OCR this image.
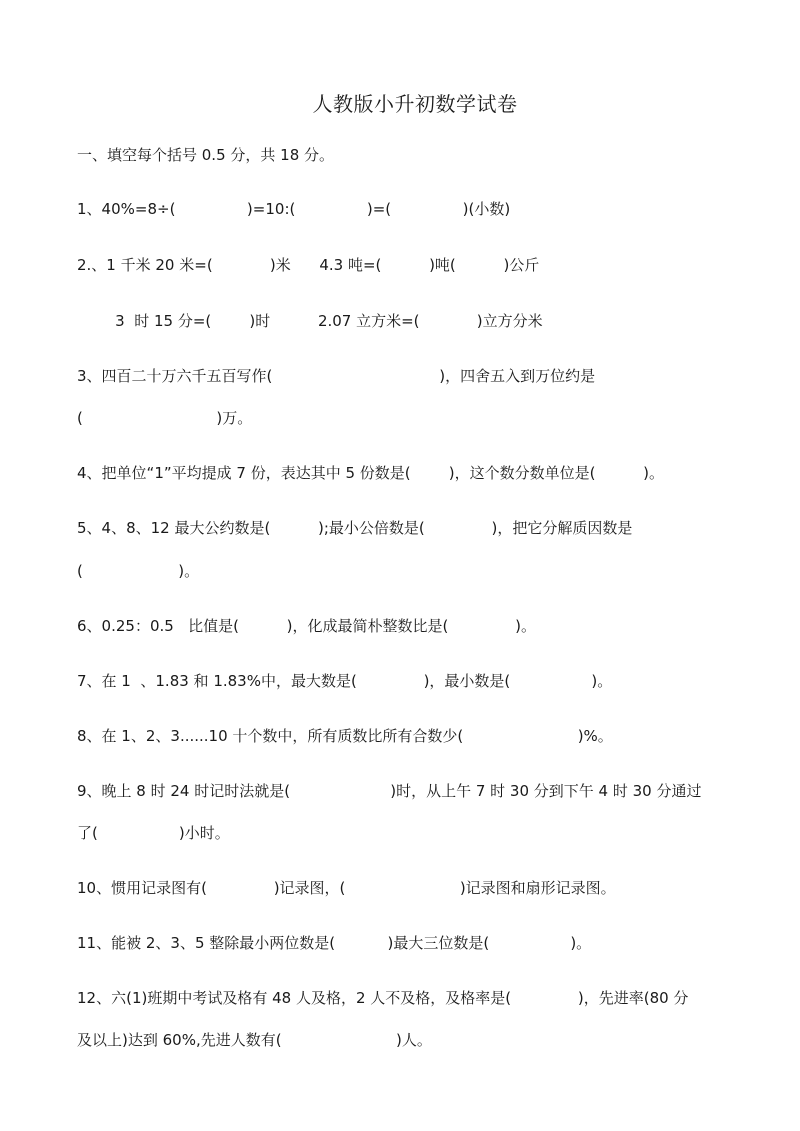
人教版小升初数学试卷
一、填空每个括号 0.5 分，共 18 分。
1、40%=8÷(               )=10:(               )=(               )(小数)
2.、1 千米 20 米=(            )米      4.3 吨=(          )吨(          )公斤
3  时 15 分=(        )时          2.07 立方米=(            )立方分米
3、四百二十万六千五百写作(                                   )，四舍五入到万位约是
(                            )万。
4、把单位“1”平均提成 7 份，表达其中 5 份数是(        )，这个数分数单位是(          )。
5、4、8、12 最大公约数是(          );最小公倍数是(              )，把它分解质因数是
(                    )。
6、0.25：0.5   比值是(          )，化成最简朴整数比是(              )。
7、在 1  、1.83 和 1.83%中，最大数是(              )，最小数是(                 )。
8、在 1、2、3......10 十个数中，所有质数比所有合数少(                        )%。
9、晚上 8 时 24 时记时法就是(                     )时，从上午 7 时 30 分到下午 4 时 30 分通过
了(                 )小时。
10、惯用记录图有(              )记录图，(                        )记录图和扇形记录图。
11、能被 2、3、5 整除最小两位数是(           )最大三位数是(                 )。
12、六(1)班期中考试及格有 48 人及格，2 人不及格，及格率是(              )，先进率(80 分
及以上)达到 60%,先进人数有(                        )人。
